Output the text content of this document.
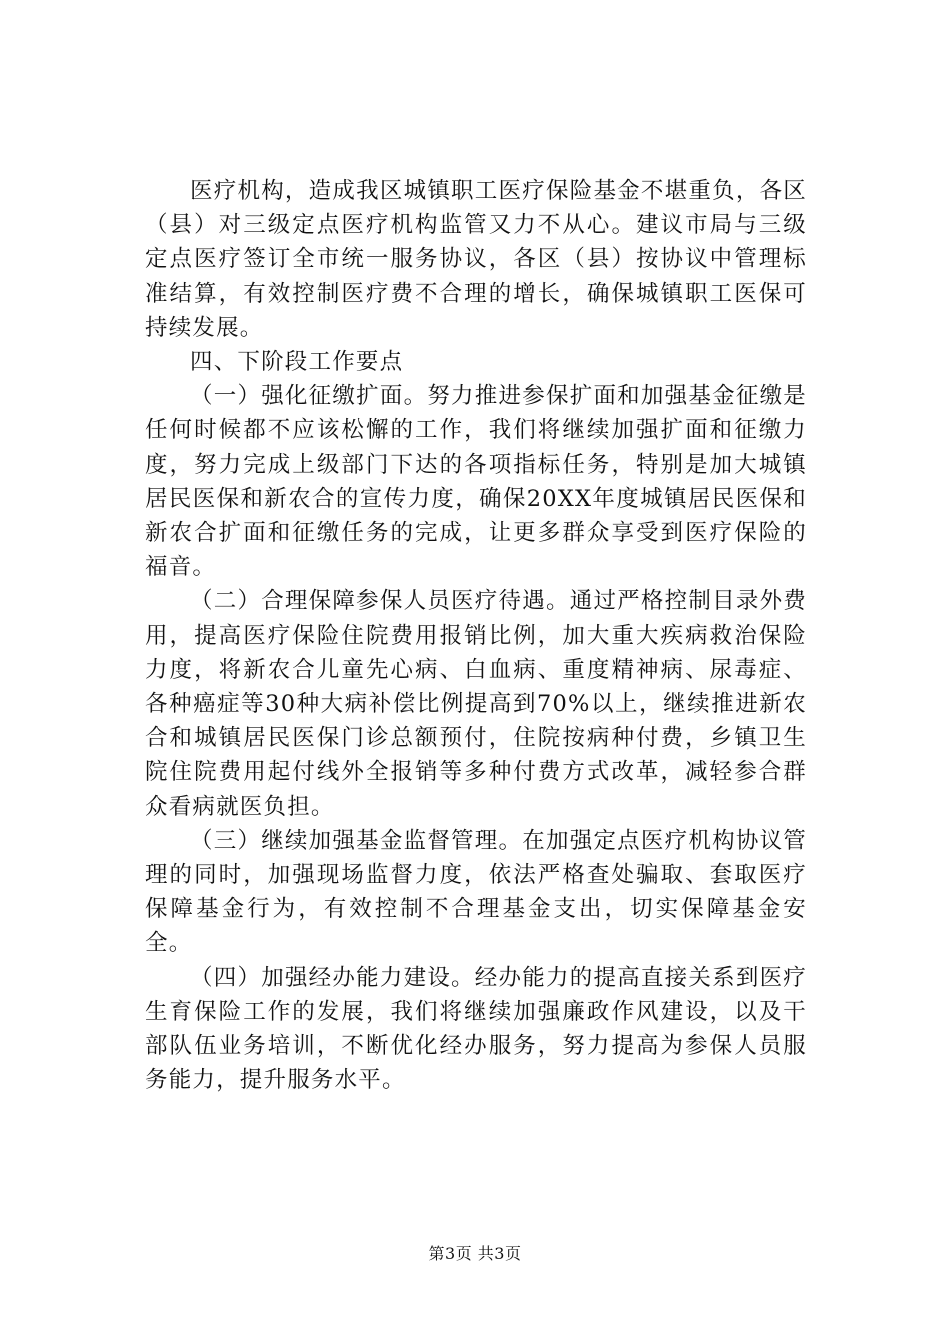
医疗机构，造成我区城镇职工医疗保险基金不堪重负，各区（县）对三级定点医疗机构监管又力不从心。建议市局与三级定点医疗签订全市统一服务协议，各区（县）按协议中管理标准结算，有效控制医疗费不合理的增长，确保城镇职工医保可持续发展。

四、下阶段工作要点

（一）强化征缴扩面。努力推进参保扩面和加强基金征缴是任何时候都不应该松懈的工作，我们将继续加强扩面和征缴力度，努力完成上级部门下达的各项指标任务，特别是加大城镇居民医保和新农合的宣传力度，确保20XX年度城镇居民医保和新农合扩面和征缴任务的完成，让更多群众享受到医疗保险的福音。

（二）合理保障参保人员医疗待遇。通过严格控制目录外费用，提高医疗保险住院费用报销比例，加大重大疾病救治保险力度，将新农合儿童先心病、白血病、重度精神病、尿毒症、各种癌症等30种大病补偿比例提高到70%以上，继续推进新农合和城镇居民医保门诊总额预付，住院按病种付费，乡镇卫生院住院费用起付线外全报销等多种付费方式改革，减轻参合群众看病就医负担。

（三）继续加强基金监督管理。在加强定点医疗机构协议管理的同时，加强现场监督力度，依法严格查处骗取、套取医疗保障基金行为，有效控制不合理基金支出，切实保障基金安全。

（四）加强经办能力建设。经办能力的提高直接关系到医疗生育保险工作的发展，我们将继续加强廉政作风建设，以及干部队伍业务培训，不断优化经办服务，努力提高为参保人员服务能力，提升服务水平。

第3页 共3页
